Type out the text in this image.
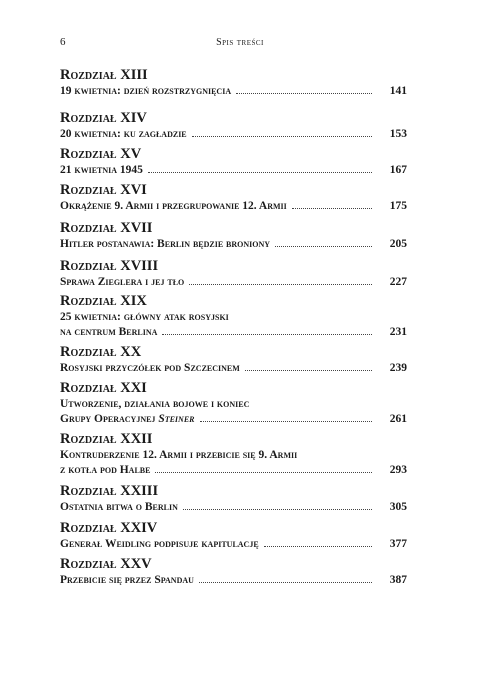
6	Spis treści
Rozdział XIII
19 kwietnia: dzień rozstrzygnięcia	141
Rozdział XIV
20 kwietnia: ku zagładzie	153
Rozdział XV
21 kwietnia 1945	167
Rozdział XVI
Okrążenie 9. Armii i przegrupowanie 12. Armii	175
Rozdział XVII
Hitler postanawia: Berlin będzie broniony	205
Rozdział XVIII
Sprawa Zieglera i jej tło	227
Rozdział XIX
25 kwietnia: główny atak rosyjski
na centrum Berlina	231
Rozdział XX
Rosyjski przyczółek pod Szczecinem	239
Rozdział XXI
Utworzenie, działania bojowe i koniec
Grupy Operacyjnej Steiner	261
Rozdział XXII
Kontruderzenie 12. Armii i przebicie się 9. Armii
z kotła pod Halbe	293
Rozdział XXIII
Ostatnia bitwa o Berlin	305
Rozdział XXIV
Generał Weidling podpisuje kapitulację	377
Rozdział XXV
Przebicie się przez Spandau	387
